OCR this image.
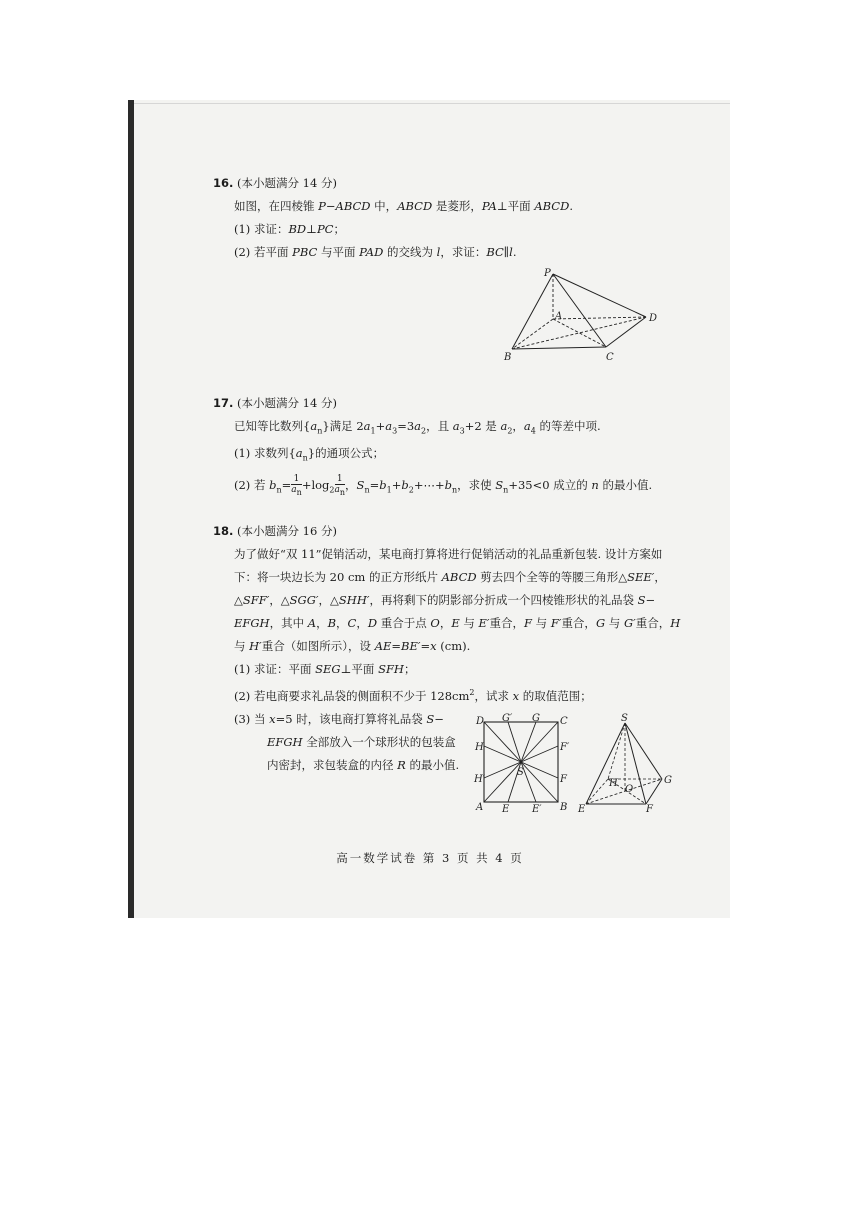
16. (本小题满分 14 分)
如图，在四棱锥 P−ABCD 中，ABCD 是菱形，PA⊥平面 ABCD.
(1) 求证：BD⊥PC；
(2) 若平面 PBC 与平面 PAD 的交线为 l，求证：BC∥l.
P
A
B	C
D
17. (本小题满分 14 分)
已知等比数列$\{a_n\}$满足 $2a_1+a_3=3a_2$，且 $a_3+2$ 是 $a_2$，$a_4$ 的等差中项.
(1) 求数列$\{a_n\}$的通项公式；
(2) 若 $b_n= \frac{1}{a_n} +\log_2 \frac{1}{a_n}$ ，$S_n=b_1+b_2+\cdots+b_n$，求使 $S_n+35<0$ 成立的 n 的最小值.
18. (本小题满分 16 分)
为了做好“双 11”促销活动，某电商打算将进行促销活动的礼品重新包装. 设计方案如
下：将一块边长为 20 cm 的正方形纸片 ABCD 剪去四个全等的等腰三角形△SEE′，
△SFF′，△SGG′，△SHH′，再将剩下的阴影部分折成一个四棱锥形状的礼品袋 S−
EFGH，其中 A，B，C，D 重合于点 O，E 与 E′重合，F 与 F′重合，G 与 G′重合，H
与 H′重合（如图所示），设 AE=BE′=x (cm).
(1) 求证：平面 SEG⊥平面 SFH；
(2) 若电商要求礼品袋的侧面积不少于 $128cm^2$，试求 x 的取值范围；
(3) 当 x=5 时，该电商打算将礼品袋 S−
EFGH 全部放入一个球形状的包装盒
内密封，求包装盒的内径 R 的最小值.
D G′ G C
H	F′
S
H′	F
A E E′ B
S
H
O
G
E	F
高一数学试卷 第 3 页 共 4 页
